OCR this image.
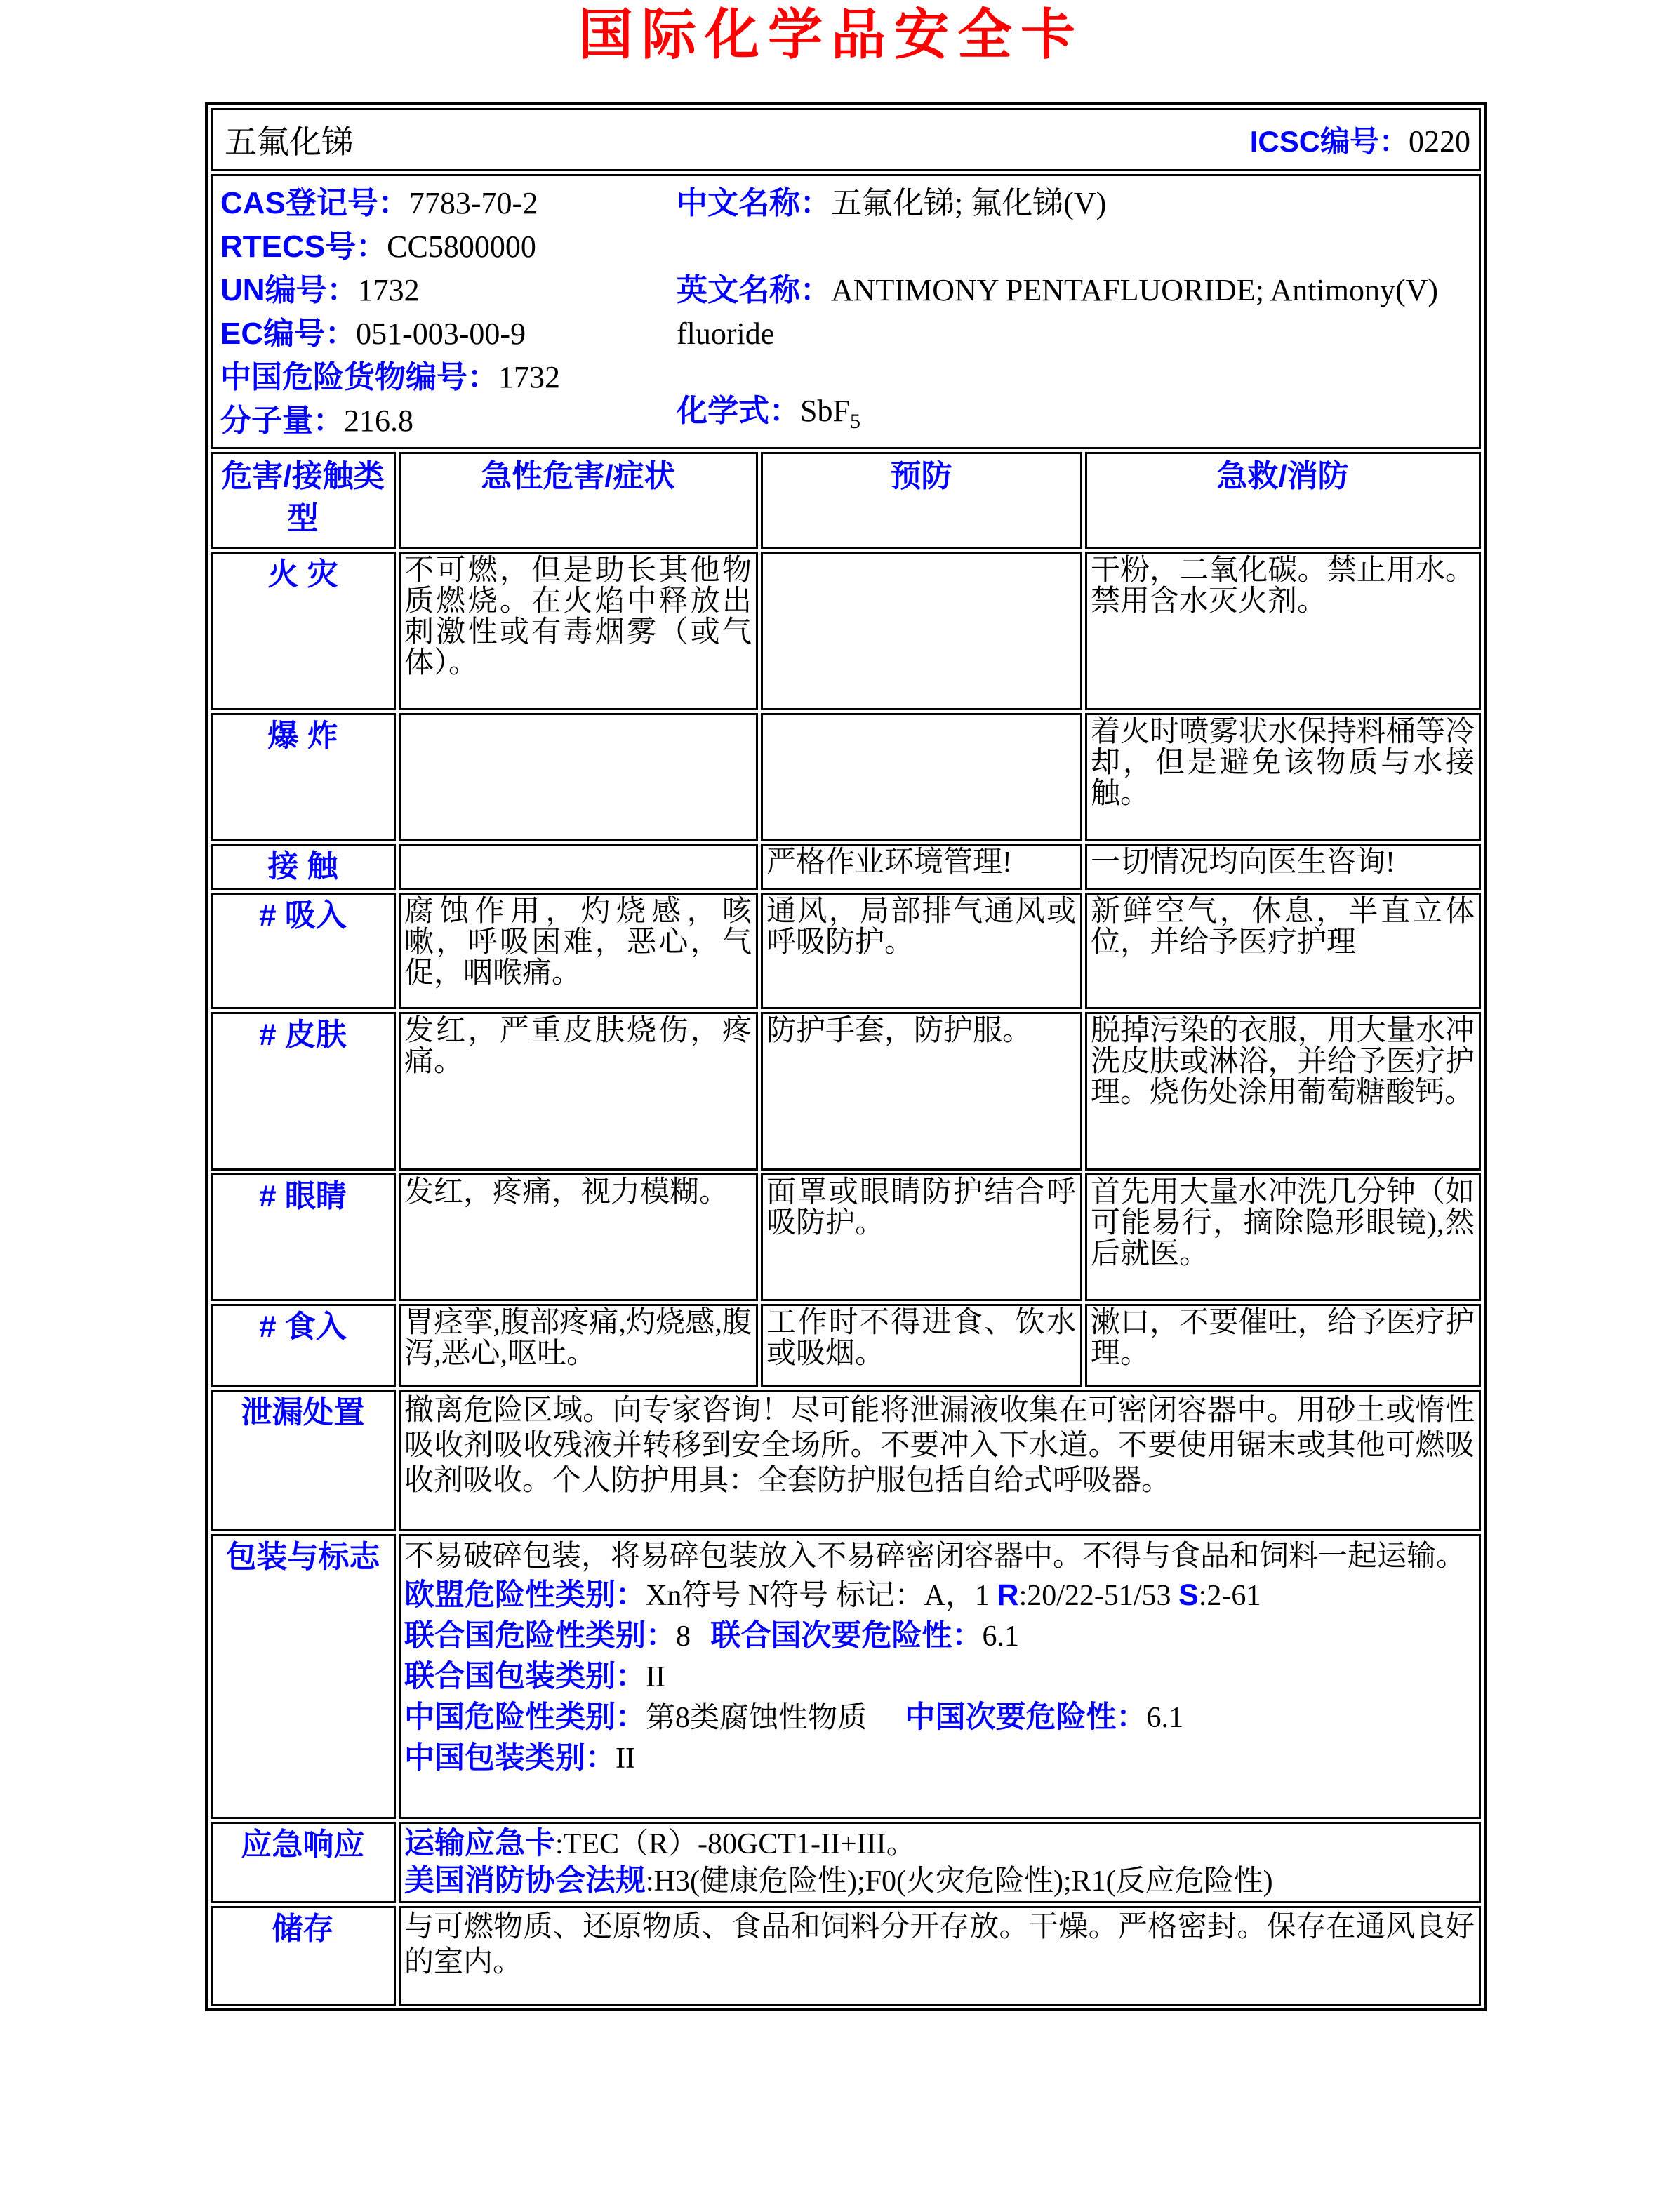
国际化学品安全卡
五氟化锑 ICSC编号：0220			

CAS登记号：7783-70-2
RTECS号：CC5800000
UN编号：1732
EC编号：051-003-00-9
中国危险货物编号：1732
分子量：216.8
中文名称：五氟化锑; 氟化锑(V)
英文名称：ANTIMONY PENTAFLUORIDE; Antimony(V) fluoride
化学式：SbF$_5$

危害/接触类型	急性危害/症状	预防	急救/消防
火 灾	不可燃，但是助长其他物质燃烧。在火焰中释放出刺激性或有毒烟雾（或气体）。		干粉，二氧化碳。禁止用水。禁用含水灭火剂。
爆 炸			着火时喷雾状水保持料桶等冷却，但是避免该物质与水接触。
接 触		严格作业环境管理!	一切情况均向医生咨询!
# 吸入	腐蚀作用，灼烧感，咳嗽，呼吸困难，恶心，气促，咽喉痛。	通风，局部排气通风或呼吸防护。	新鲜空气，休息，半直立体位，并给予医疗护理
# 皮肤	发红，严重皮肤烧伤，疼痛。	防护手套，防护服。	脱掉污染的衣服，用大量水冲洗皮肤或淋浴，并给予医疗护理。烧伤处涂用葡萄糖酸钙。
# 眼睛	发红，疼痛，视力模糊。	面罩或眼睛防护结合呼吸防护。	首先用大量水冲洗几分钟（如可能易行，摘除隐形眼镜),然后就医。
# 食入	胃痉挛,腹部疼痛,灼烧感,腹泻,恶心,呕吐。	工作时不得进食、饮水或吸烟。	漱口，不要催吐，给予医疗护理。
泄漏处置	撤离危险区域。向专家咨询！尽可能将泄漏液收集在可密闭容器中。用砂土或惰性吸收剂吸收残液并转移到安全场所。不要冲入下水道。不要使用锯末或其他可燃吸收剂吸收。个人防护用具：全套防护服包括自给式呼吸器。		
包装与标志	不易破碎包装，将易碎包装放入不易碎密闭容器中。不得与食品和饲料一起运输。
欧盟危险性类别：Xn符号 N符号 标记：A，1 R:20/22-51/53 S:2-61
联合国危险性类别：8 联合国次要危险性：6.1
联合国包装类别：II
中国危险性类别：第8类腐蚀性物质 中国次要危险性：6.1
中国包装类别：II

应急响应	运输应急卡:TEC（R）-80GCT1-II+III。
美国消防协会法规:H3(健康危险性);F0(火灾危险性);R1(反应危险性)		

储存	与可燃物质、还原物质、食品和饲料分开存放。干燥。严格密封。保存在通风良好的室内。		
